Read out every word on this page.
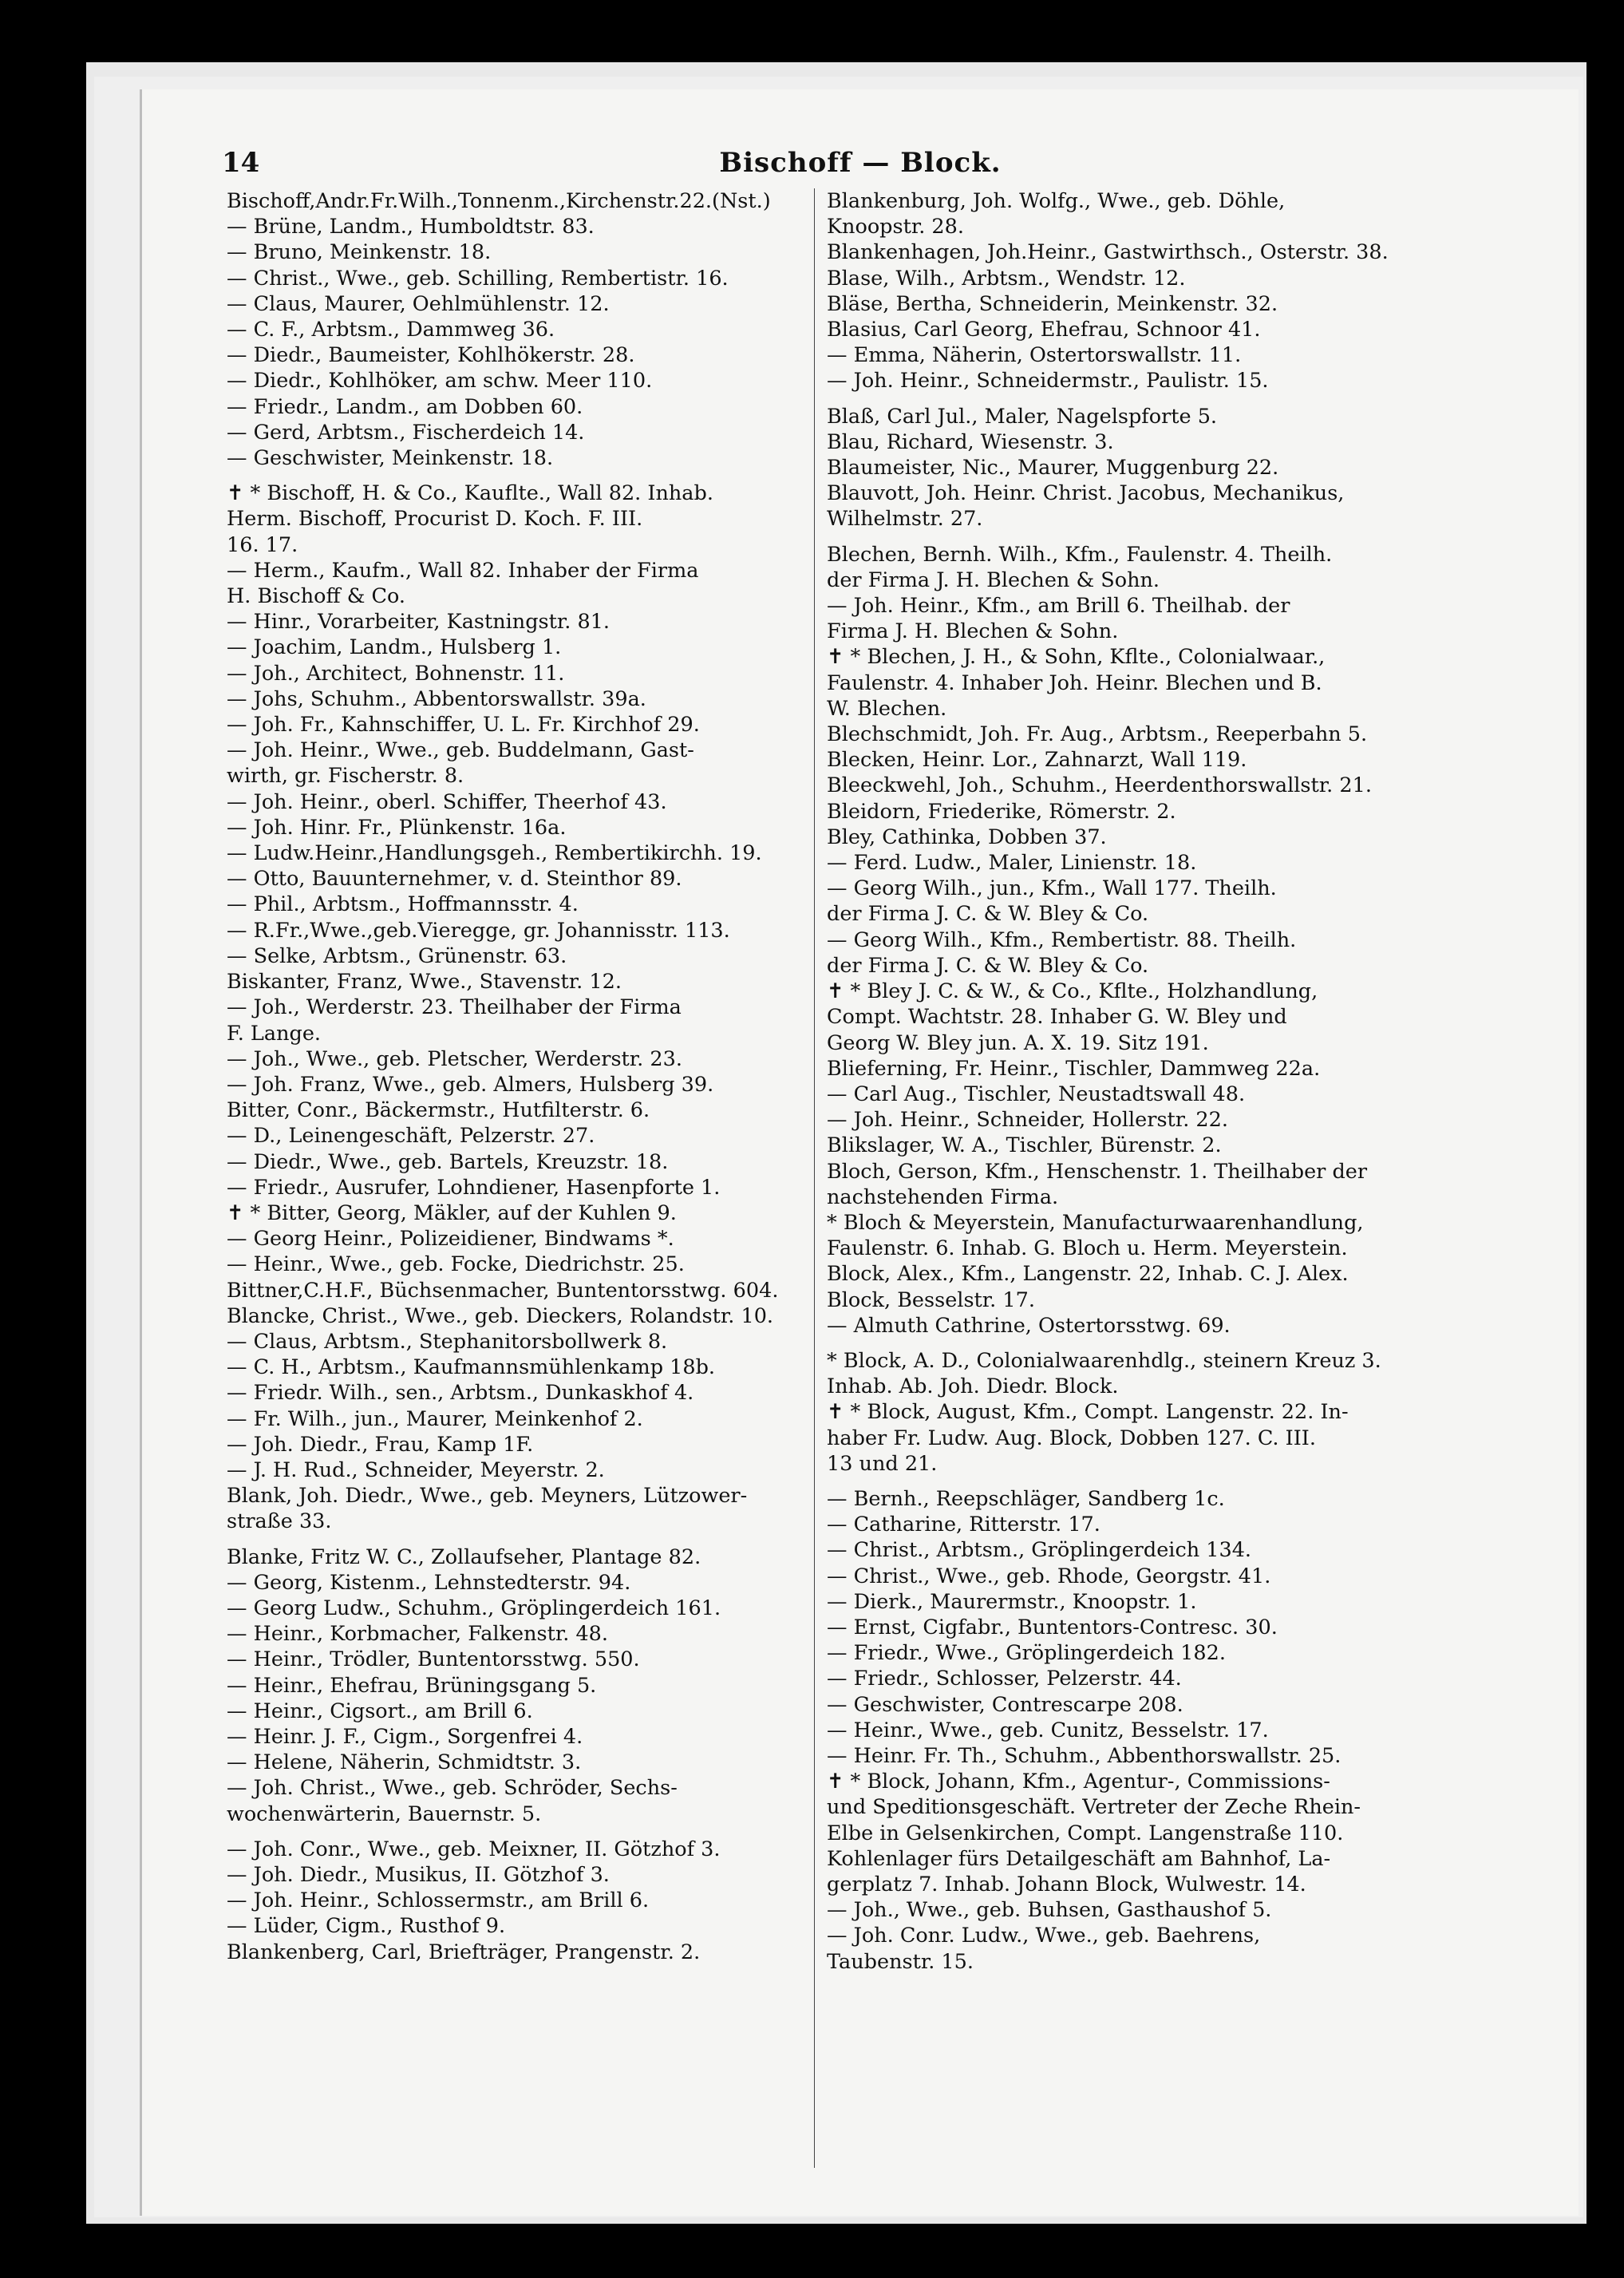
14	Bischoff — Block.
Bischoff,Andr.Fr.Wilh.,Tonnenm.,Kirchenstr.22.(Nst.)
— Brüne, Landm., Humboldtstr. 83.
— Bruno, Meinkenstr. 18.
— Christ., Wwe., geb. Schilling, Rembertistr. 16.
— Claus, Maurer, Oehlmühlenstr. 12.
— C. F., Arbtsm., Dammweg 36.
— Diedr., Baumeister, Kohlhökerstr. 28.
— Diedr., Kohlhöker, am schw. Meer 110.
— Friedr., Landm., am Dobben 60.
— Gerd, Arbtsm., Fischerdeich 14.
— Geschwister, Meinkenstr. 18.
✝ * Bischoff, H. & Co., Kaufltе., Wall 82. Inhab.
Herm. Bischoff, Procurist D. Koch. F. III.
16. 17.
— Herm., Kaufm., Wall 82. Inhaber der Firma
H. Bischoff & Co.
— Hinr., Vorarbeiter, Kastningstr. 81.
— Joachim, Landm., Hulsberg 1.
— Joh., Architect, Bohnenstr. 11.
— Johs, Schuhm., Abbentorswallstr. 39a.
— Joh. Fr., Kahnschiffer, U. L. Fr. Kirchhof 29.
— Joh. Heinr., Wwe., geb. Buddelmann, Gast-
wirth, gr. Fischerstr. 8.
— Joh. Heinr., oberl. Schiffer, Theerhof 43.
— Joh. Hinr. Fr., Plünkenstr. 16a.
— Ludw.Heinr.,Handlungsgeh., Rembertikirchh. 19.
— Otto, Bauunternehmer, v. d. Steinthor 89.
— Phil., Arbtsm., Hoffmannsstr. 4.
— R.Fr.,Wwe.,geb.Vieregge, gr. Johannisstr. 113.
— Selke, Arbtsm., Grünenstr. 63.
Biskanter, Franz, Wwe., Stavenstr. 12.
— Joh., Werderstr. 23. Theilhaber der Firma
F. Lange.
— Joh., Wwe., geb. Pletscher, Werderstr. 23.
— Joh. Franz, Wwe., geb. Almers, Hulsberg 39.
Bitter, Conr., Bäckermstr., Hutfilterstr. 6.
— D., Leinengeschäft, Pelzerstr. 27.
— Diedr., Wwe., geb. Bartels, Kreuzstr. 18.
— Friedr., Ausrufer, Lohndiener, Hasenpforte 1.
✝ * Bitter, Georg, Mäkler, auf der Kuhlen 9.
— Georg Heinr., Polizeidiener, Bindwams *.
— Heinr., Wwe., geb. Focke, Diedrichstr. 25.
Bittner,C.H.F., Büchsenmacher, Buntentorsstwg. 604.
Blancke, Christ., Wwe., geb. Dieckers, Rolandstr. 10.
— Claus, Arbtsm., Stephanitorsbollwerk 8.
— C. H., Arbtsm., Kaufmannsmühlenkamp 18b.
— Friedr. Wilh., sen., Arbtsm., Dunkaskhof 4.
— Fr. Wilh., jun., Maurer, Meinkenhof 2.
— Joh. Diedr., Frau, Kamp 1F.
— J. H. Rud., Schneider, Meyerstr. 2.
Blank, Joh. Diedr., Wwe., geb. Meyners, Lützower-
straße 33.
Blanke, Fritz W. C., Zollaufseher, Plantage 82.
— Georg, Kistenm., Lehnstedterstr. 94.
— Georg Ludw., Schuhm., Gröplingerdeich 161.
— Heinr., Korbmacher, Falkenstr. 48.
— Heinr., Trödler, Buntentorsstwg. 550.
— Heinr., Ehefrau, Brüningsgang 5.
— Heinr., Cigsort., am Brill 6.
— Heinr. J. F., Cigm., Sorgenfrei 4.
— Helene, Näherin, Schmidtstr. 3.
— Joh. Christ., Wwe., geb. Schröder, Sechs-
wochenwärterin, Bauernstr. 5.
— Joh. Conr., Wwe., geb. Meixner, II. Götzhof 3.
— Joh. Diedr., Musikus, II. Götzhof 3.
— Joh. Heinr., Schlossermstr., am Brill 6.
— Lüder, Cigm., Rusthof 9.
Blankenberg, Carl, Briefträger, Prangenstr. 2.
Blankenburg, Joh. Wolfg., Wwe., geb. Döhle,
Knoopstr. 28.
Blankenhagen, Joh.Heinr., Gastwirthsch., Osterstr. 38.
Blase, Wilh., Arbtsm., Wendstr. 12.
Bläse, Bertha, Schneiderin, Meinkenstr. 32.
Blasius, Carl Georg, Ehefrau, Schnoor 41.
— Emma, Näherin, Ostertorswallstr. 11.
— Joh. Heinr., Schneidermstr., Paulistr. 15.
Blaß, Carl Jul., Maler, Nagelspforte 5.
Blau, Richard, Wiesenstr. 3.
Blaumeister, Nic., Maurer, Muggenburg 22.
Blauvott, Joh. Heinr. Christ. Jacobus, Mechanikus,
Wilhelmstr. 27.
Blechen, Bernh. Wilh., Kfm., Faulenstr. 4. Theilh.
der Firma J. H. Blechen & Sohn.
— Joh. Heinr., Kfm., am Brill 6. Theilhab. der
Firma J. H. Blechen & Sohn.
✝ * Blechen, J. H., & Sohn, Kflte., Colonialwaar.,
Faulenstr. 4. Inhaber Joh. Heinr. Blechen und B.
W. Blechen.
Blechschmidt, Joh. Fr. Aug., Arbtsm., Reeperbahn 5.
Blecken, Heinr. Lor., Zahnarzt, Wall 119.
Bleeckwehl, Joh., Schuhm., Heerdenthorswallstr. 21.
Bleidorn, Friederike, Römerstr. 2.
Bley, Cathinka, Dobben 37.
— Ferd. Ludw., Maler, Linienstr. 18.
— Georg Wilh., jun., Kfm., Wall 177. Theilh.
der Firma J. C. & W. Bley & Co.
— Georg Wilh., Kfm., Rembertistr. 88. Theilh.
der Firma J. C. & W. Bley & Co.
✝ * Bley J. C. & W., & Co., Kflte., Holzhandlung,
Compt. Wachtstr. 28. Inhaber G. W. Bley und
Georg W. Bley jun. A. X. 19. Sitz 191.
Bliefernіng, Fr. Heinr., Tischler, Dammweg 22a.
— Carl Aug., Tischler, Neustadtswall 48.
— Joh. Heinr., Schneider, Hollerstr. 22.
Blikslager, W. A., Tischler, Bürenstr. 2.
Bloch, Gerson, Kfm., Henschenstr. 1. Theilhaber der
nachstehenden Firma.
* Bloch & Meyerstein, Manufacturwaarenhandlung,
Faulenstr. 6. Inhab. G. Bloch u. Herm. Meyerstein.
Block, Alex., Kfm., Langenstr. 22, Inhab. C. J. Alex.
Block, Besselstr. 17.
— Almuth Cathrine, Ostertorsstwg. 69.
* Block, A. D., Colonialwaarenhdlg., steinern Kreuz 3.
Inhab. Ab. Joh. Diedr. Block.
✝ * Block, August, Kfm., Compt. Langenstr. 22. In-
haber Fr. Ludw. Aug. Block, Dobben 127. C. III.
13 und 21.
— Bernh., Reepschläger, Sandberg 1c.
— Catharine, Ritterstr. 17.
— Christ., Arbtsm., Gröplingerdeich 134.
— Christ., Wwe., geb. Rhode, Georgstr. 41.
— Dierk., Maurermstr., Knoopstr. 1.
— Ernst, Cigfabr., Buntentors-Contresc. 30.
— Friedr., Wwe., Gröplingerdeich 182.
— Friedr., Schlosser, Pelzerstr. 44.
— Geschwister, Contrescarpe 208.
— Heinr., Wwe., geb. Cunitz, Besselstr. 17.
— Heinr. Fr. Th., Schuhm., Abbenthorswallstr. 25.
✝ * Block, Johann, Kfm., Agentur-, Commissions-
und Speditionsgeschäft. Vertreter der Zeche Rhein-
Elbe in Gelsenkirchen, Compt. Langenstraße 110.
Kohlenlager fürs Detailgeschäft am Bahnhof, La-
gerplatz 7. Inhab. Johann Block, Wulwestr. 14.
— Joh., Wwe., geb. Buhsen, Gasthaushof 5.
— Joh. Conr. Ludw., Wwe., geb. Baehrens,
Taubenstr. 15.
